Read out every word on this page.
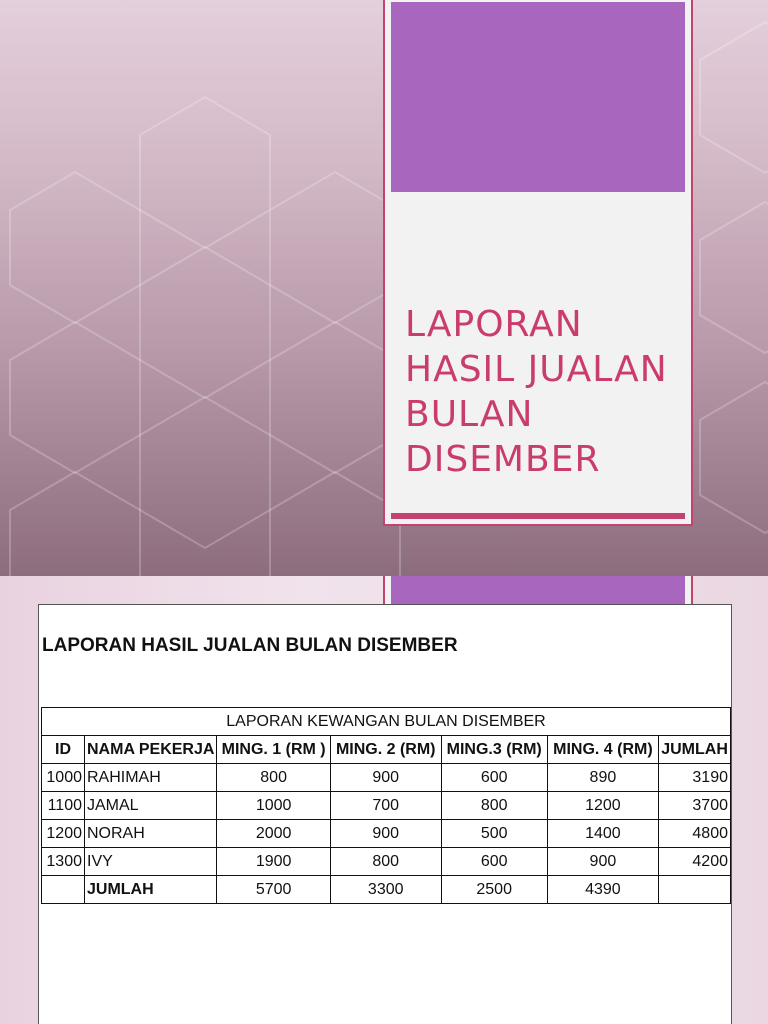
LAPORAN
HASIL JUALAN
BULAN
DISEMBER
LAPORAN HASIL JUALAN BULAN DISEMBER
LAPORAN KEWANGAN BULAN DISEMBER						
ID	NAMA PEKERJA	MING. 1 (RM )	MING. 2 (RM)	MING.3 (RM)	MING. 4 (RM)	JUMLAH
1000	RAHIMAH	800	900	600	890	3190
1100	JAMAL	1000	700	800	1200	3700
1200	NORAH	2000	900	500	1400	4800
1300	IVY	1900	800	600	900	4200
	JUMLAH	5700	3300	2500	4390	
